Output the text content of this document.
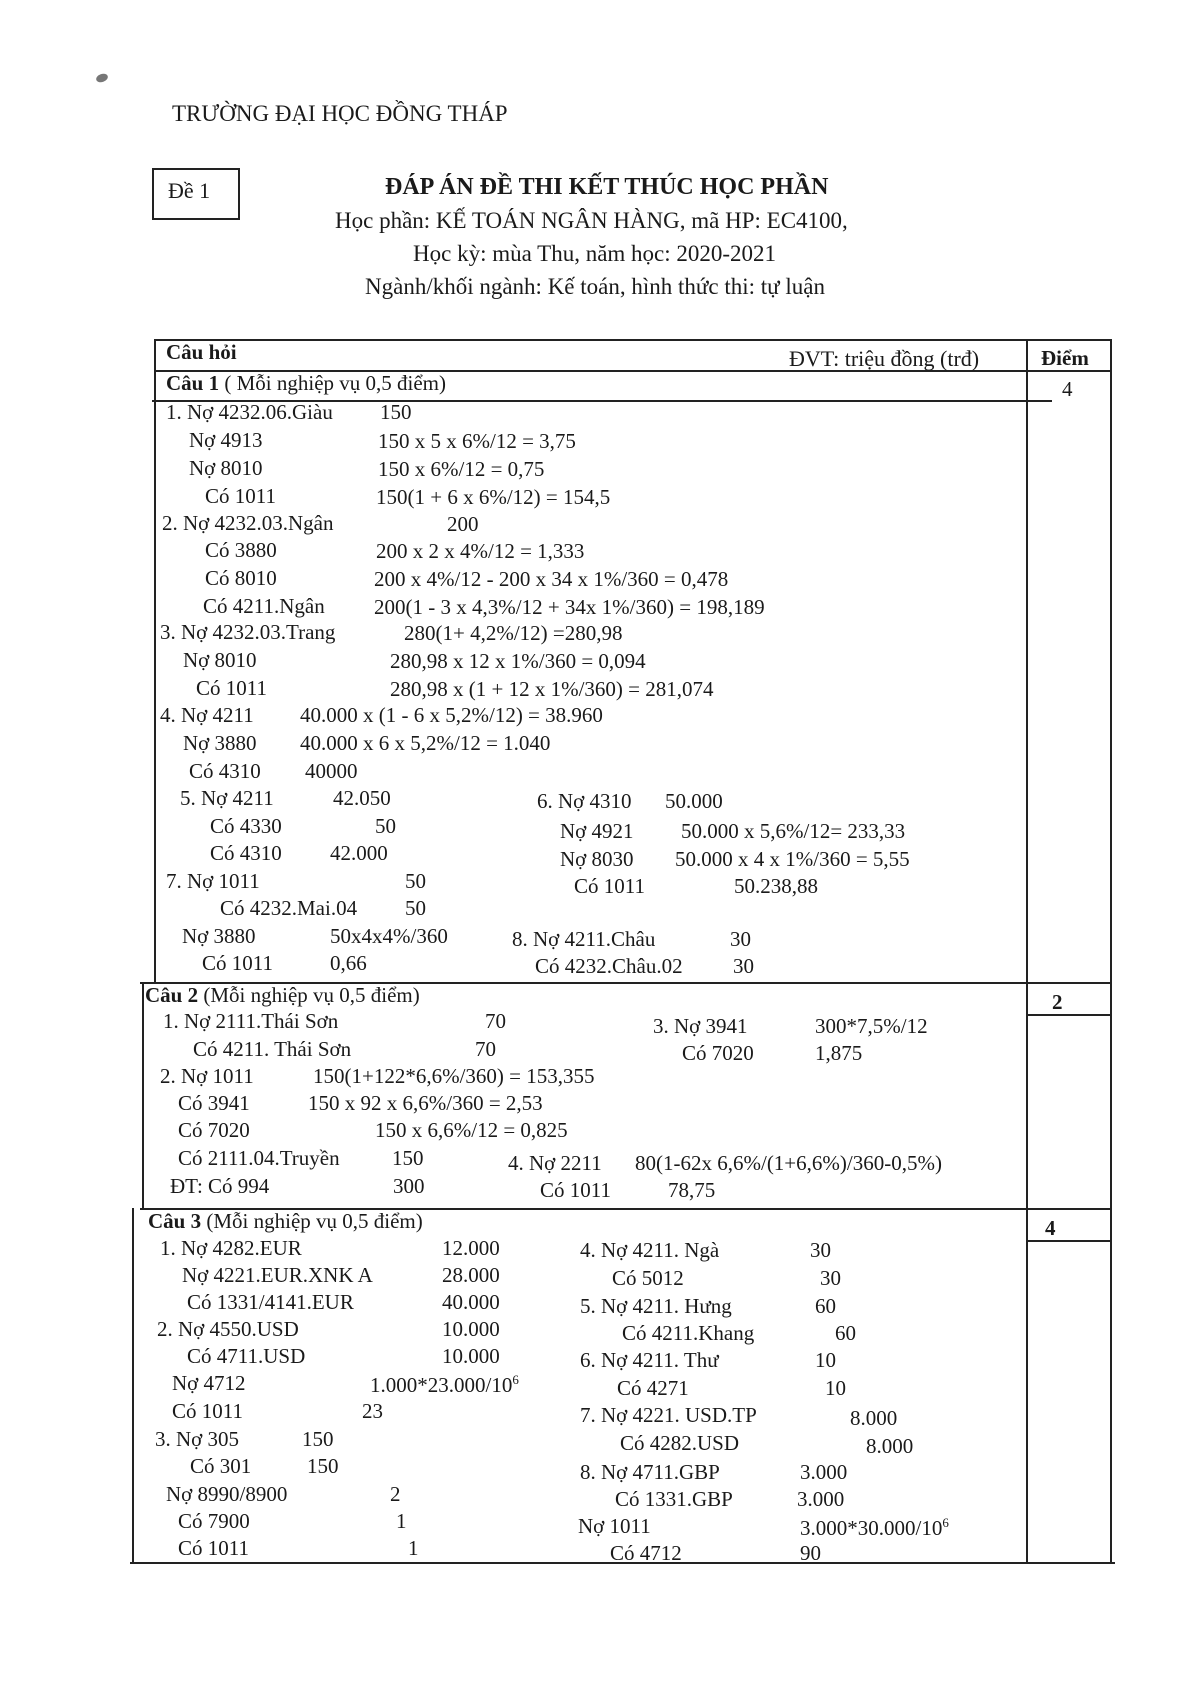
TRƯỜNG ĐẠI HỌC ĐỒNG THÁP
Đề 1	ĐÁP ÁN ĐỀ THI KẾT THÚC HỌC PHẦN
Học phần: KẾ TOÁN NGÂN HÀNG, mã HP: EC4100,
Học kỳ: mùa Thu, năm học: 2020-2021
Ngành/khối ngành: Kế toán, hình thức thi: tự luận
Câu hỏi	ĐVT: triệu đồng (trđ)	Điểm
Câu 1 ( Mỗi nghiệp vụ 0,5 điểm)	4
1. Nợ 4232.06.Giàu 150
Nợ 4913	150 x 5 x 6%/12 = 3,75
Nợ 8010	150 x 6%/12 = 0,75
Có 1011	150(1 + 6 x 6%/12) = 154,5
2. Nợ 4232.03.Ngân	200
Có 3880	200 x 2 x 4%/12 = 1,333
Có 8010	200 x 4%/12 - 200 x 34 x 1%/360 = 0,478
Có 4211.Ngân 200(1 - 3 x 4,3%/12 + 34x 1%/360) = 198,189
3. Nợ 4232.03.Trang	280(1+ 4,2%/12) =280,98
Nợ 8010	280,98 x 12 x 1%/360 = 0,094
Có 1011	280,98 x (1 + 12 x 1%/360) = 281,074
4. Nợ 4211 40.000 x (1 - 6 x 5,2%/12) = 38.960
Nợ 3880 40.000 x 6 x 5,2%/12 = 1.040
Có 4310 40000
5. Nợ 4211	42.050
Có 4330	50
Có 4310 42.000
7. Nợ 1011	50
Có 4232.Mai.04 50
Nợ 3880	50x4x4%/360
Có 1011	0,66
6. Nợ 4310 50.000
Nợ 4921 50.000 x 5,6%/12= 233,33
Nợ 8030 50.000 x 4 x 1%/360 = 5,55
Có 1011	50.238,88
8. Nợ 4211.Châu	30
Có 4232.Châu.02 30
Câu 2 (Mỗi nghiệp vụ 0,5 điểm)	2
1. Nợ 2111.Thái Sơn	70
Có 4211. Thái Sơn	70
2. Nợ 1011	150(1+122*6,6%/360) = 153,355
Có 3941	150 x 92 x 6,6%/360 = 2,53
Có 7020	150 x 6,6%/12 = 0,825
Có 2111.04.Truyền 150
ĐT: Có 994	300
3. Nợ 3941	300*7,5%/12
Có 7020	1,875
4. Nợ 2211 80(1-62x 6,6%/(1+6,6%)/360-0,5%)
Có 1011	78,75
Câu 3 (Mỗi nghiệp vụ 0,5 điểm)	4
1. Nợ 4282.EUR	12.000
Nợ 4221.EUR.XNK A	28.000
Có 1331/4141.EUR	40.000
2. Nợ 4550.USD	10.000
Có 4711.USD	10.000
Nợ 4712	$1.000*23.000/10^6$
Có 1011	23
3. Nợ 305	150
Có 301	150
Nợ 8990/8900	2
Có 7900	1
Có 1011	1
4. Nợ 4211. Ngà	30
Có 5012	30
5. Nợ 4211. Hưng	60
Có 4211.Khang	60
6. Nợ 4211. Thư	10
Có 4271	10
7. Nợ 4221. USD.TP	8.000
Có 4282.USD	8.000
8. Nợ 4711.GBP	3.000
Có 1331.GBP	3.000
Nợ 1011	$3.000*30.000/10^6$
Có 4712	90
